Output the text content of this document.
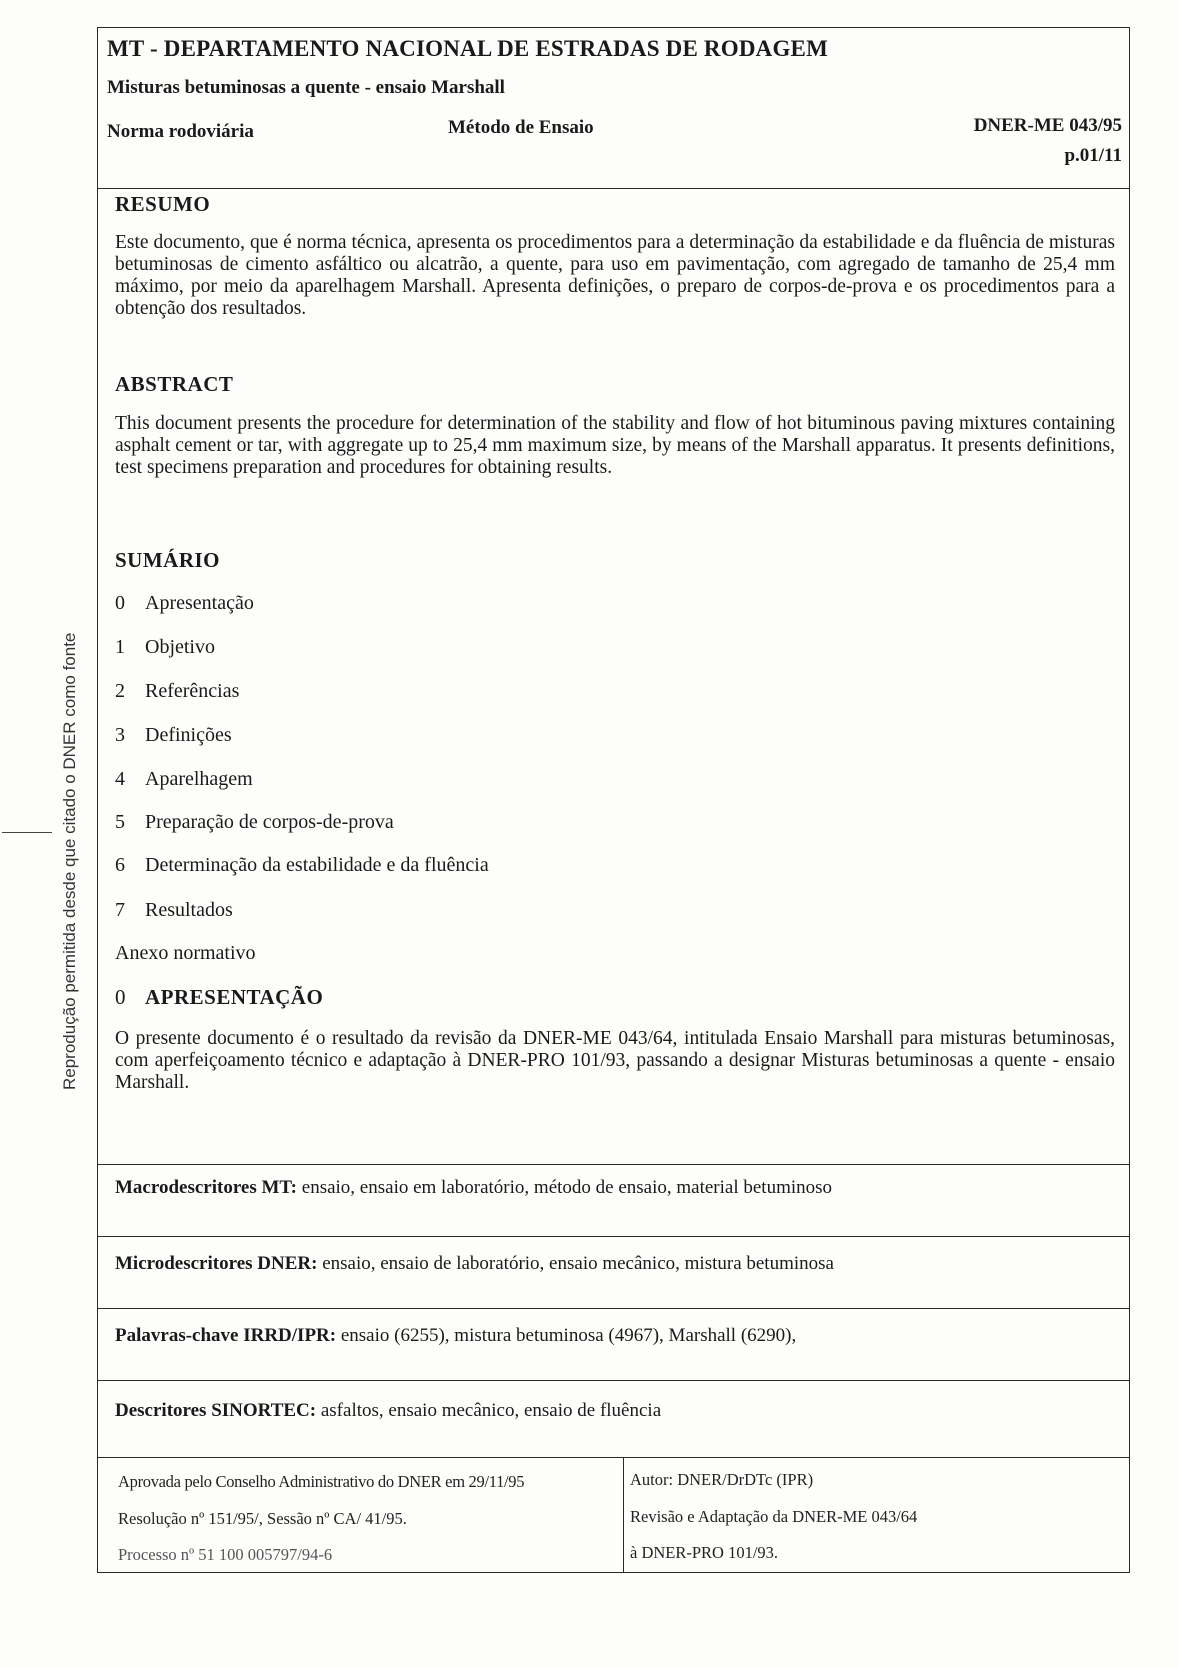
Reprodução permitida desde que citado o DNER como fonte
MT - DEPARTAMENTO NACIONAL DE ESTRADAS DE RODAGEM
Misturas betuminosas a quente - ensaio Marshall
Norma rodoviária	Método de Ensaio	DNER-ME 043/95
p.01/11
RESUMO
Este documento, que é norma técnica, apresenta os procedimentos para a determinação da estabilidade e da fluência de misturas betuminosas de cimento asfáltico ou alcatrão, a quente, para uso em pavimentação, com agregado de tamanho de 25,4 mm máximo, por meio da aparelhagem Marshall. Apresenta definições, o preparo de corpos-de-prova e os procedimentos para a obtenção dos resultados.
ABSTRACT
This document presents the procedure for determination of the stability and flow of hot bituminous paving mixtures containing asphalt cement or tar, with aggregate up to 25,4 mm maximum size, by means of the Marshall apparatus. It presents definitions, test specimens preparation and procedures for obtaining results.
SUMÁRIO
0 Apresentação
1 Objetivo
2 Referências
3 Definições
4 Aparelhagem
5 Preparação de corpos-de-prova
6 Determinação da estabilidade e da fluência
7 Resultados
Anexo normativo
0 APRESENTAÇÃO
O presente documento é o resultado da revisão da DNER-ME 043/64, intitulada Ensaio Marshall para misturas betuminosas, com aperfeiçoamento técnico e adaptação à DNER-PRO 101/93, passando a designar Misturas betuminosas a quente - ensaio Marshall.
Macrodescritores MT: ensaio, ensaio em laboratório, método de ensaio, material betuminoso
Microdescritores DNER: ensaio, ensaio de laboratório, ensaio mecânico, mistura betuminosa
Palavras-chave IRRD/IPR: ensaio (6255), mistura betuminosa (4967), Marshall (6290),
Descritores SINORTEC: asfaltos, ensaio mecânico, ensaio de fluência
Aprovada pelo Conselho Administrativo do DNER em 29/11/95
Resolução nº 151/95/, Sessão nº CA/ 41/95.
Processo nº 51 100 005797/94-6
Autor: DNER/DrDTc (IPR)
Revisão e Adaptação da DNER-ME 043/64
à DNER-PRO 101/93.
